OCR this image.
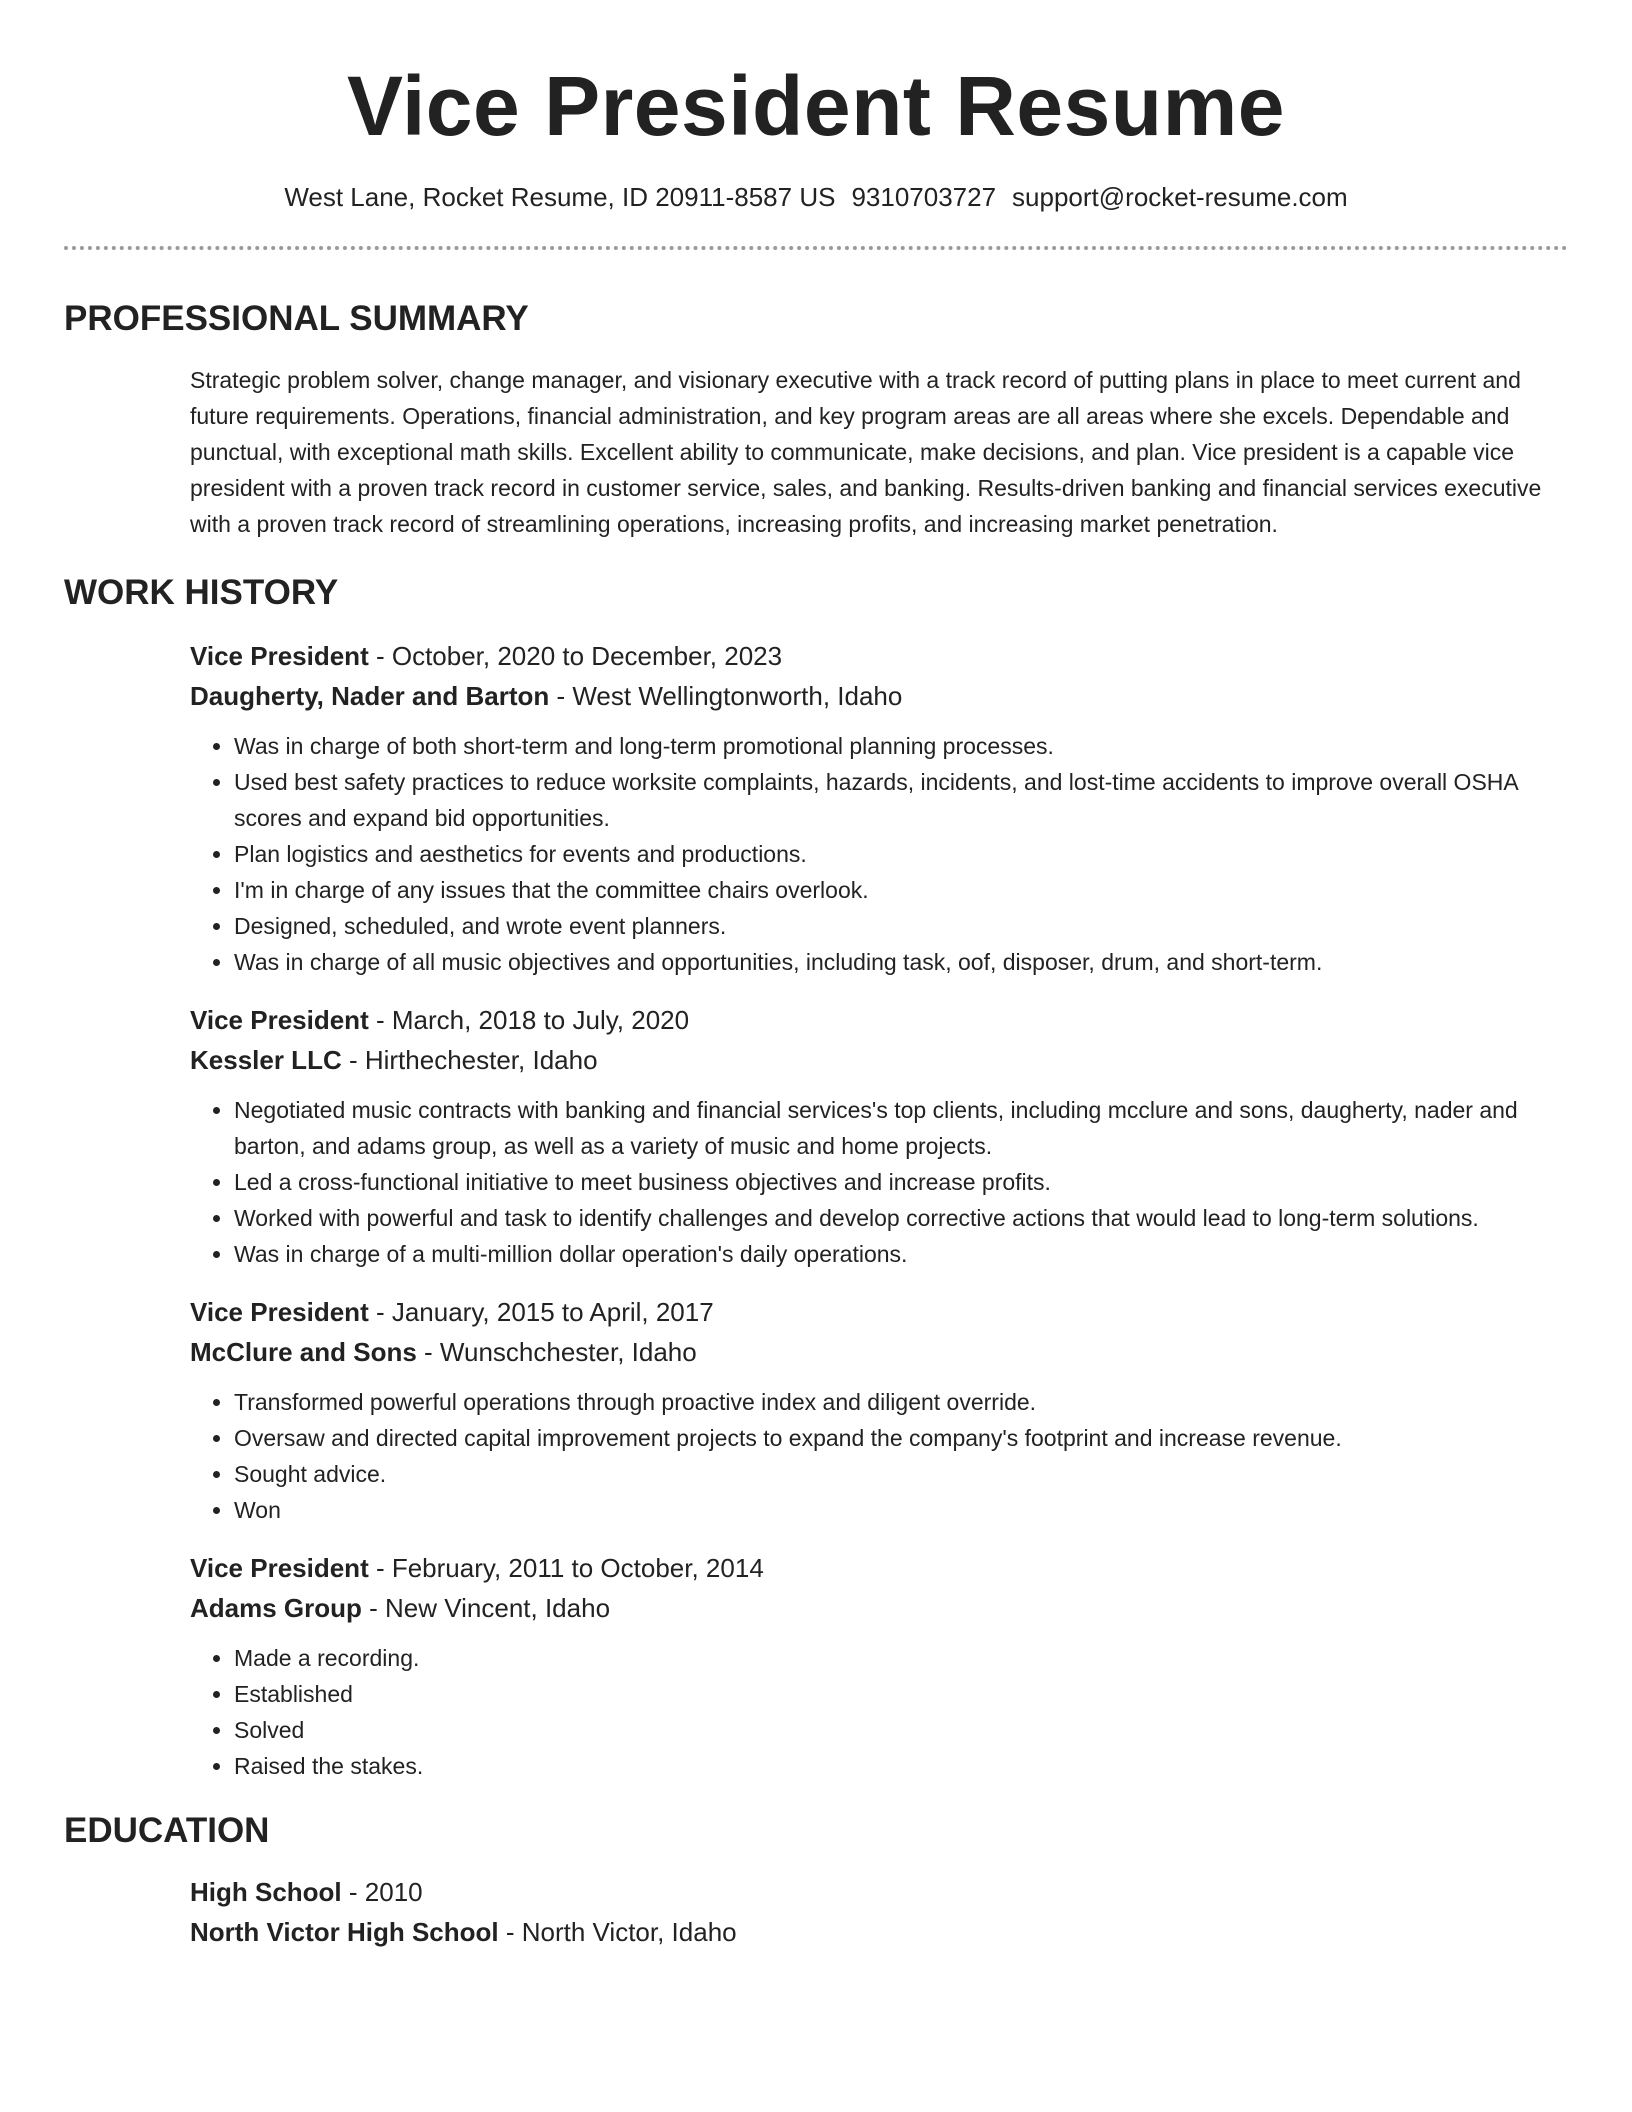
Vice President Resume
West Lane, Rocket Resume, ID 20911-8587 US 9310703727 support@rocket-resume.com
PROFESSIONAL SUMMARY
Strategic problem solver, change manager, and visionary executive with a track record of putting plans in place to meet current and future requirements. Operations, financial administration, and key program areas are all areas where she excels. Dependable and punctual, with exceptional math skills. Excellent ability to communicate, make decisions, and plan. Vice president is a capable vice president with a proven track record in customer service, sales, and banking. Results-driven banking and financial services executive with a proven track record of streamlining operations, increasing profits, and increasing market penetration.
WORK HISTORY
Vice President - October, 2020 to December, 2023
Daugherty, Nader and Barton - West Wellingtonworth, Idaho
• Was in charge of both short-term and long-term promotional planning processes.
• Used best safety practices to reduce worksite complaints, hazards, incidents, and lost-time accidents to improve overall OSHA scores and expand bid opportunities.
• Plan logistics and aesthetics for events and productions.
• I'm in charge of any issues that the committee chairs overlook.
• Designed, scheduled, and wrote event planners.
• Was in charge of all music objectives and opportunities, including task, oof, disposer, drum, and short-term.
Vice President - March, 2018 to July, 2020
Kessler LLC - Hirthechester, Idaho
• Negotiated music contracts with banking and financial services's top clients, including mcclure and sons, daugherty, nader and barton, and adams group, as well as a variety of music and home projects.
• Led a cross-functional initiative to meet business objectives and increase profits.
• Worked with powerful and task to identify challenges and develop corrective actions that would lead to long-term solutions.
• Was in charge of a multi-million dollar operation's daily operations.
Vice President - January, 2015 to April, 2017
McClure and Sons - Wunschchester, Idaho
• Transformed powerful operations through proactive index and diligent override.
• Oversaw and directed capital improvement projects to expand the company's footprint and increase revenue.
• Sought advice.
• Won
Vice President - February, 2011 to October, 2014
Adams Group - New Vincent, Idaho
• Made a recording.
• Established
• Solved
• Raised the stakes.
EDUCATION
High School - 2010
North Victor High School - North Victor, Idaho
